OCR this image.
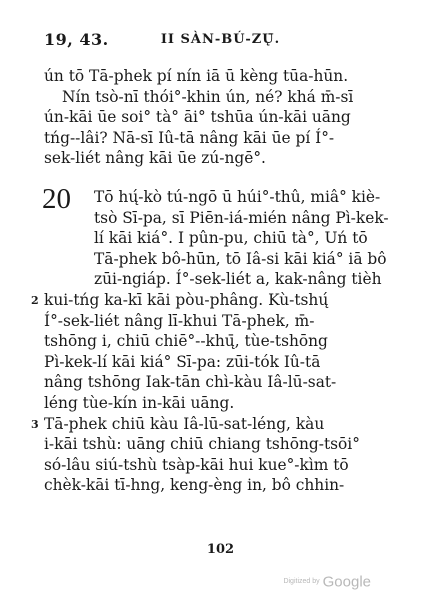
19, 43.	II SÀN-BÚ-ZŲ̄.
ún tō Tā-phek pí nín iā ū kèng tūa-hūn.
Nín tsò-nī thói°-khin ún, né? khá m̄-sī
ún-kāi ūe soi° tà° āi° tshūa ún-kāi uāng
tńg--lâi? Nā-sī Iû-tā nâng kāi ūe pí Í°-
sek-liét nâng kāi ūe zú-ngē°.
20 Tō hų́-kò tú-ngō ū húi°-thû, miâ° kiè-
tsò Sī-pa, sī Piēn-iá-mién nâng Pì-kek-
lí kāi kiá°. I pûn-pu, chiū tà°, Uń tō
Tā-phek bô-hūn, tō Iâ-si kāi kiá° iā bô
zūi-ngiáp. Í°-sek-liét a, kak-nâng tièh
2 kui-tńg ka-kī kāi pòu-phâng. Kù-tshų́
Í°-sek-liét nâng lī-khui Tā-phek, m̄-
tshōng i, chiū chiē°--khų̄, tùe-tshōng
Pì-kek-lí kāi kiá° Sī-pa: zūi-tók Iû-tā
nâng tshōng Iak-tān chì-kàu Iâ-lū-sat-
léng tùe-kín in-kāi uāng.
3 Tā-phek chiū kàu Iâ-lū-sat-léng, kàu
i-kāi tshù: uāng chiū chiang tshōng-tsōi°
só-lâu siú-tshù tsàp-kāi hui kue°-kìm tō
chèk-kāi tī-hng, keng-èng in, bô chhin-
102
Digitized by Google
